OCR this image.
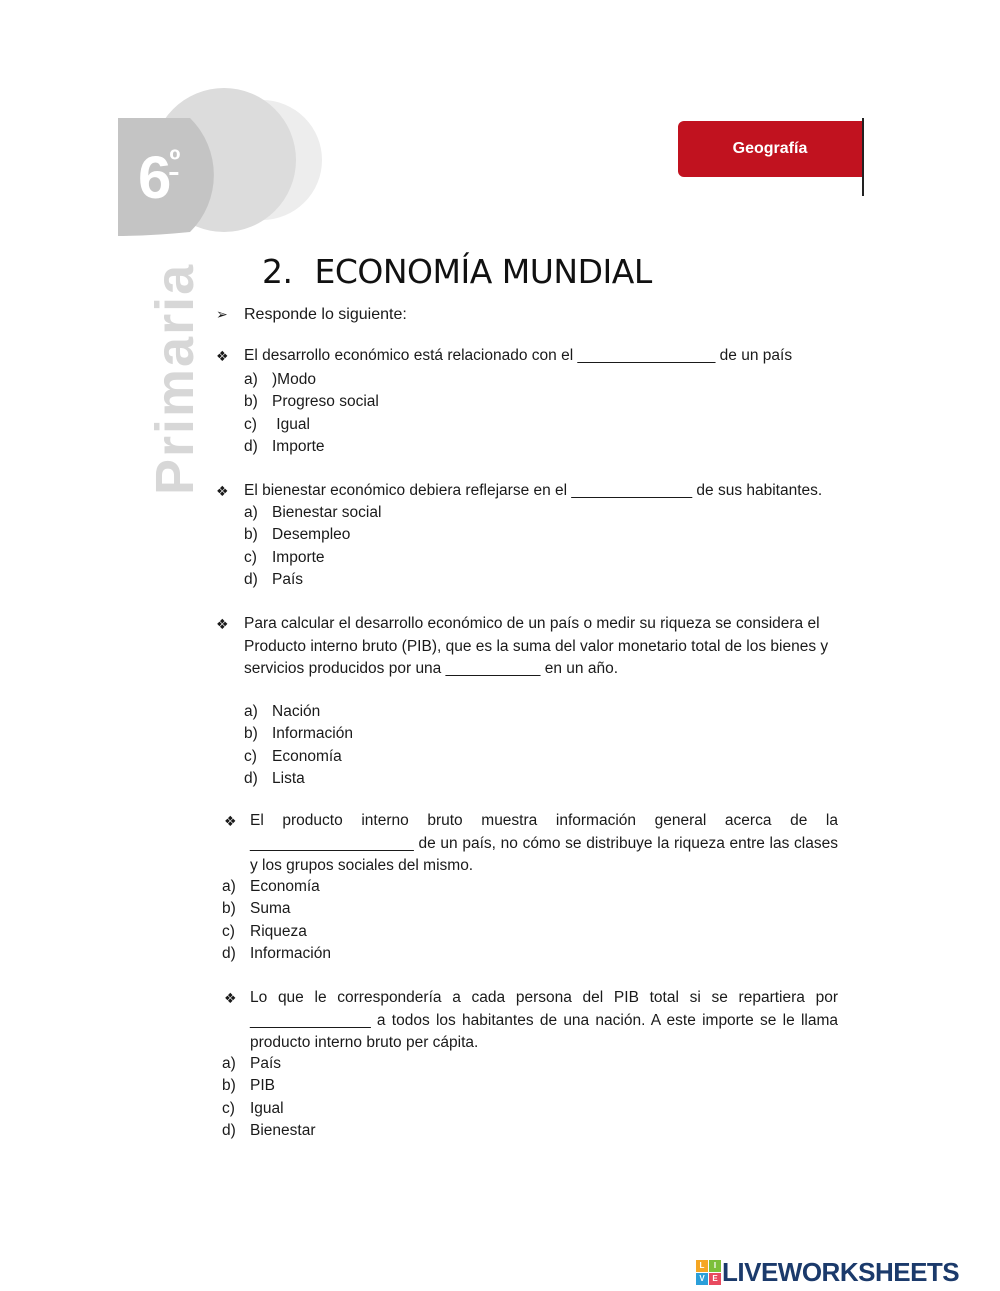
$6^º$
Primaria
Geografía
2. ECONOMÍA MUNDIAL
➢ Responde lo siguiente:
❖ El desarrollo económico está relacionado con el ________________ de un país
a) )Modo
b) Progreso social
c) Igual
d) Importe
❖ El bienestar económico debiera reflejarse en el ______________ de sus habitantes.
a) Bienestar social
b) Desempleo
c) Importe
d) País
❖ Para calcular el desarrollo económico de un país o medir su riqueza se considera el Producto interno bruto (PIB), que es la suma del valor monetario total de los bienes y servicios producidos por una ___________ en un año.
a) Nación
b) Información
c) Economía
d) Lista
❖ El producto interno bruto muestra información general acerca de la ___________________ de un país, no cómo se distribuye la riqueza entre las clases y los grupos sociales del mismo.
a) Economía
b) Suma
c) Riqueza
d) Información
❖ Lo que le correspondería a cada persona del PIB total si se repartiera por ______________ a todos los habitantes de una nación. A este importe se le llama producto interno bruto per cápita.
a) País
b) PIB
c) Igual
d) Bienestar
L	I
V E LIVEWORKSHEETS
